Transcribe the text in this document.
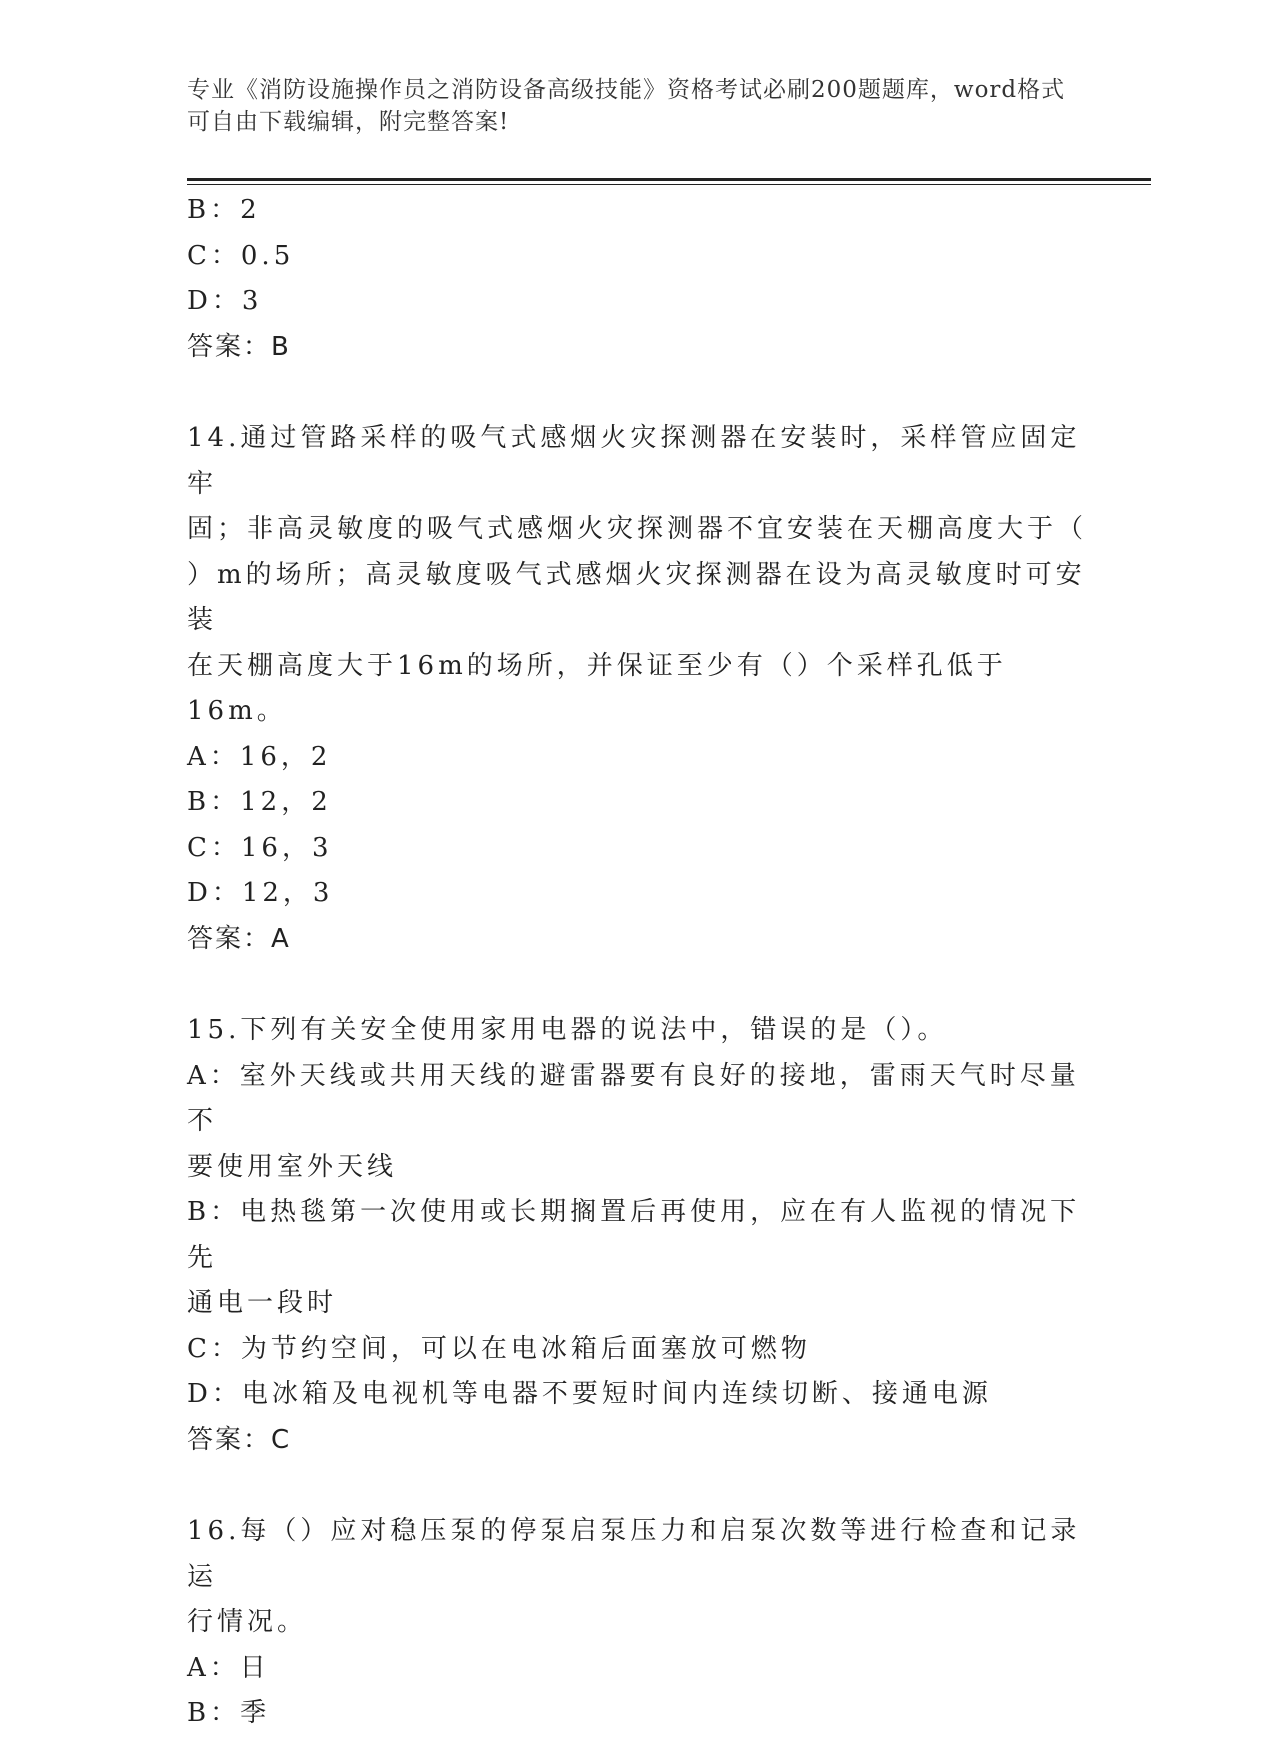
专业《消防设施操作员之消防设备高级技能》资格考试必刷200题题库，word格式可自由下载编辑，附完整答案!

B：2

C：0.5

D：3

答案：B

14.通过管路采样的吸气式感烟火灾探测器在安装时，采样管应固定牢

固；非高灵敏度的吸气式感烟火灾探测器不宜安装在天棚高度大于（

）m的场所；高灵敏度吸气式感烟火灾探测器在设为高灵敏度时可安装

在天棚高度大于16m的场所，并保证至少有（）个采样孔低于16m。

A：16，2

B：12，2

C：16，3

D：12，3

答案：A

15.下列有关安全使用家用电器的说法中，错误的是（）。

A：室外天线或共用天线的避雷器要有良好的接地，雷雨天气时尽量不

要使用室外天线

B：电热毯第一次使用或长期搁置后再使用，应在有人监视的情况下先

通电一段时

C：为节约空间，可以在电冰箱后面塞放可燃物

D：电冰箱及电视机等电器不要短时间内连续切断、接通电源

答案：C

16.每（）应对稳压泵的停泵启泵压力和启泵次数等进行检查和记录运

行情况。

A：日

B：季
